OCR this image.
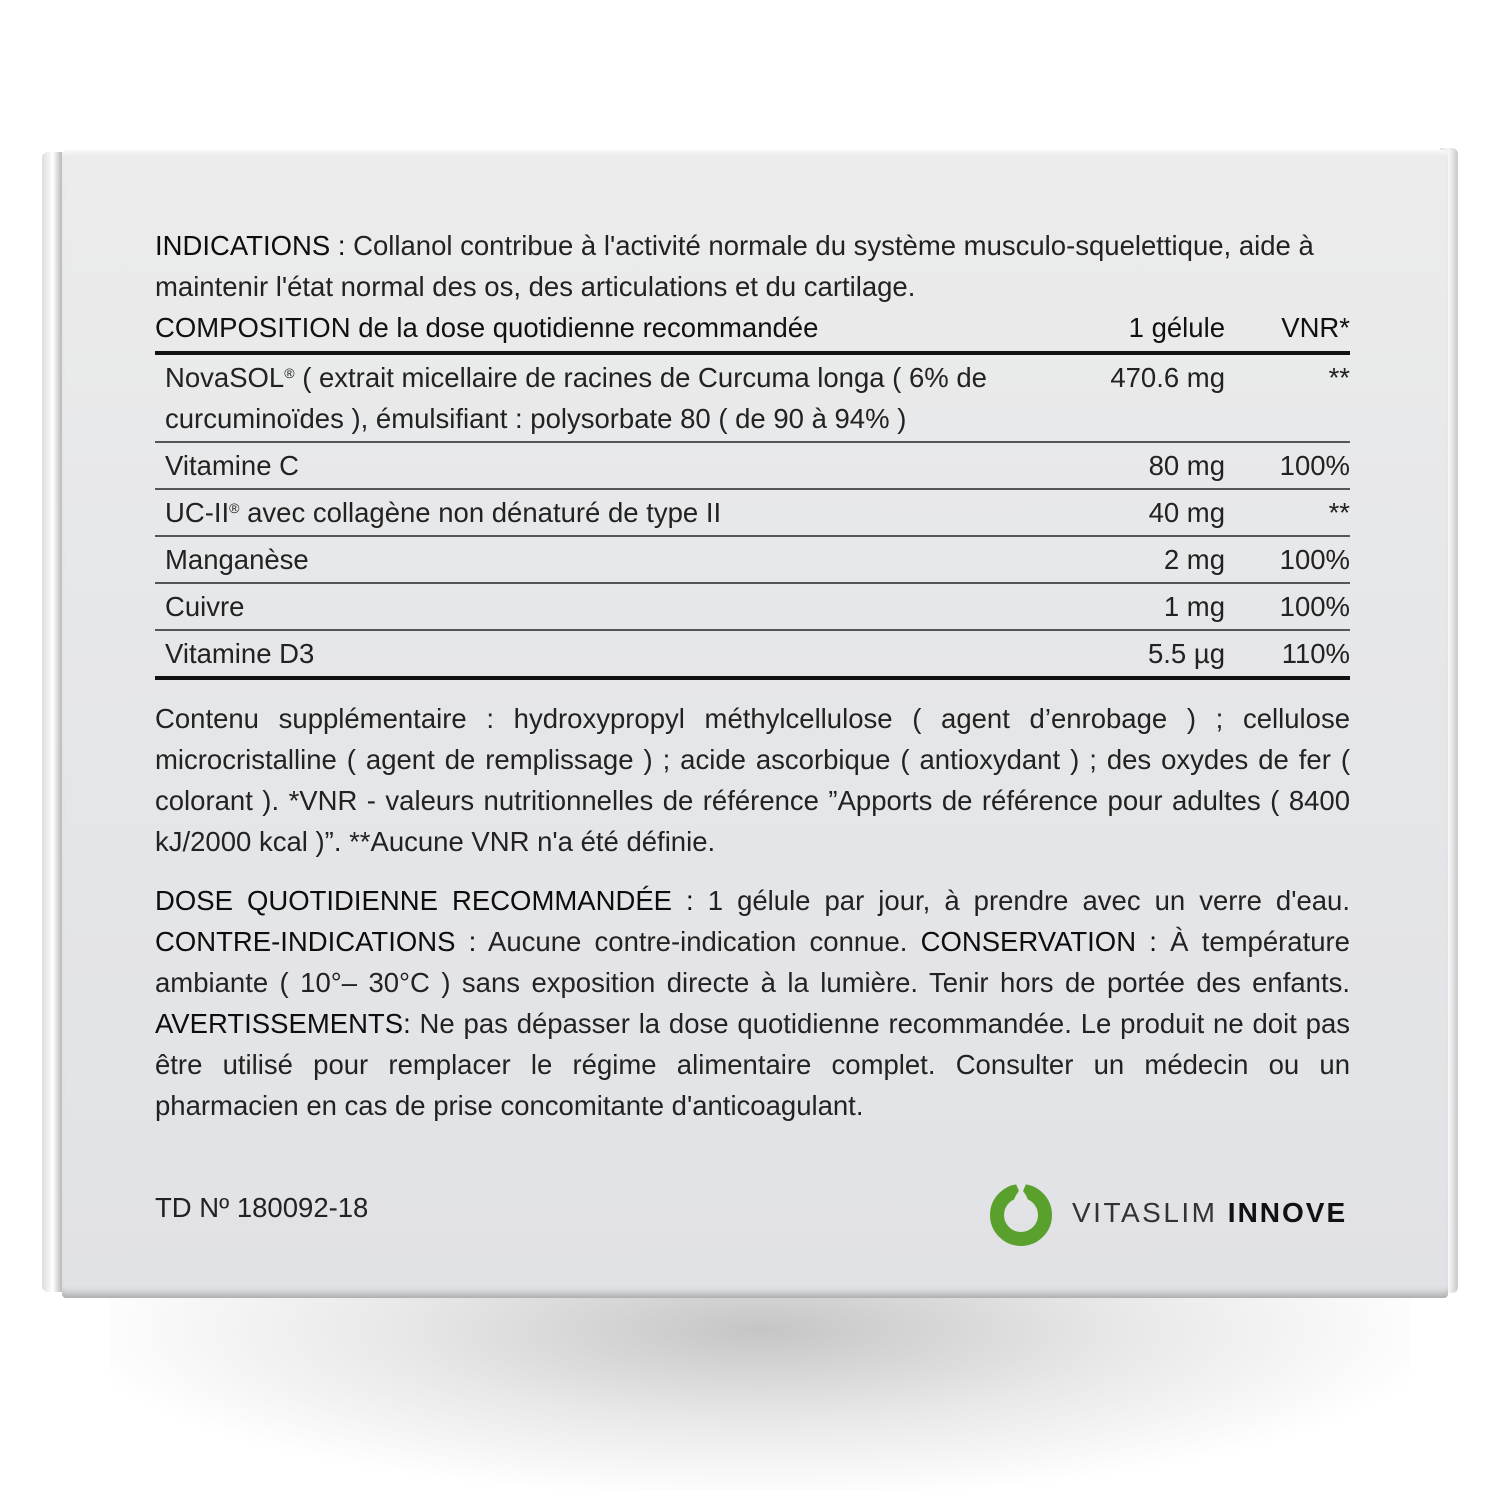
INDICATIONS : Collanol contribue à l'activité normale du système musculo-squelettique, aide à maintenir l'état normal des os, des articulations et du cartilage.

COMPOSITION de la dose quotidienne recommandée	1 gélule	VNR*
NovaSOL® ( extrait micellaire de racines de Curcuma longa ( 6% de curcuminoïdes ), émulsifiant : polysorbate 80 ( de 90 à 94% )	470.6 mg	**
Vitamine C	80 mg	100%
UC-II® avec collagène non dénaturé de type II	40 mg	**
Manganèse	2 mg	100%
Cuivre	1 mg	100%
Vitamine D3	5.5 µg	110%

Contenu supplémentaire : hydroxypropyl méthylcellulose ( agent d’enrobage ) ; cellulose microcristalline ( agent de remplissage ) ; acide ascorbique ( antioxydant ) ; des oxydes de fer ( colorant ). *VNR - valeurs nutritionnelles de référence ”Apports de référence pour adultes ( 8400 kJ/2000 kcal )”. **Aucune VNR n'a été définie.

DOSE QUOTIDIENNE RECOMMANDÉE : 1 gélule par jour, à prendre avec un verre d'eau. CONTRE-INDICATIONS : Aucune contre-indication connue. CONSERVATION : À température ambiante ( 10°– 30°C ) sans exposition directe à la lumière. Tenir hors de portée des enfants. AVERTISSEMENTS: Ne pas dépasser la dose quotidienne recommandée. Le produit ne doit pas être utilisé pour remplacer le régime alimentaire complet. Consulter un médecin ou un pharmacien en cas de prise concomitante d'anticoagulant.

TD Nº 180092-18	VITASLIM INNOVE
